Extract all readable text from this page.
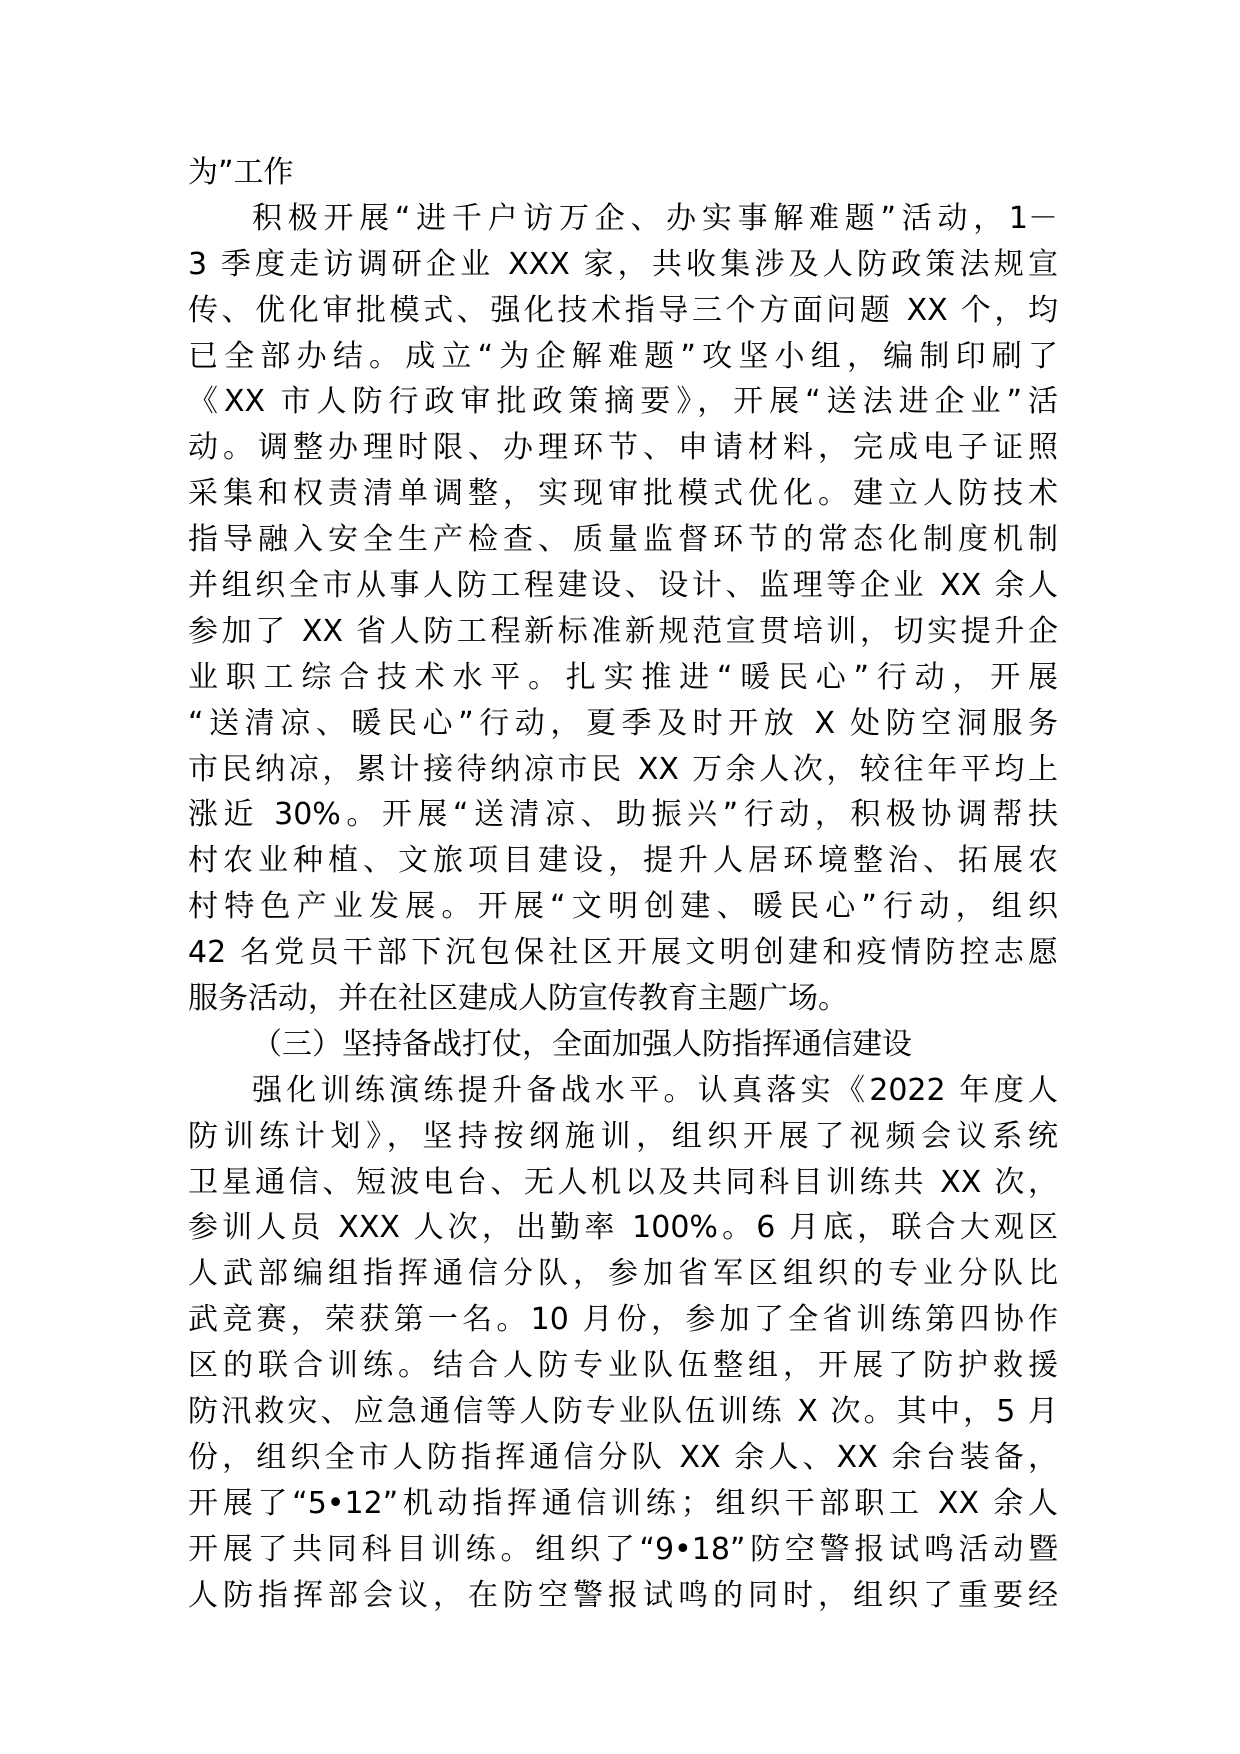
为”工作
积极开展“进千户访万企、办实事解难题”活动，1－
3 季度走访调研企业 XXX 家，共收集涉及人防政策法规宣
传、优化审批模式、强化技术指导三个方面问题 XX 个，均
已全部办结。成立“为企解难题”攻坚小组，编制印刷了
《XX 市人防行政审批政策摘要》，开展“送法进企业”活
动。调整办理时限、办理环节、申请材料，完成电子证照
采集和权责清单调整，实现审批模式优化。建立人防技术
指导融入安全生产检查、质量监督环节的常态化制度机制
并组织全市从事人防工程建设、设计、监理等企业 XX 余人
参加了 XX 省人防工程新标准新规范宣贯培训，切实提升企
业职工综合技术水平。扎实推进“暖民心”行动，开展
“送清凉、暖民心”行动，夏季及时开放 X 处防空洞服务
市民纳凉，累计接待纳凉市民 XX 万余人次，较往年平均上
涨近 30%。开展“送清凉、助振兴”行动，积极协调帮扶
村农业种植、文旅项目建设，提升人居环境整治、拓展农
村特色产业发展。开展“文明创建、暖民心”行动，组织
42 名党员干部下沉包保社区开展文明创建和疫情防控志愿
服务活动，并在社区建成人防宣传教育主题广场。
（三）坚持备战打仗，全面加强人防指挥通信建设
强化训练演练提升备战水平。认真落实《2022 年度人
防训练计划》，坚持按纲施训，组织开展了视频会议系统
卫星通信、短波电台、无人机以及共同科目训练共 XX 次，
参训人员 XXX 人次，出勤率 100%。6 月底，联合大观区
人武部编组指挥通信分队，参加省军区组织的专业分队比
武竞赛，荣获第一名。10 月份，参加了全省训练第四协作
区的联合训练。结合人防专业队伍整组，开展了防护救援
防汛救灾、应急通信等人防专业队伍训练 X 次。其中，5 月
份，组织全市人防指挥通信分队 XX 余人、XX 余台装备，
开展了“5•12”机动指挥通信训练；组织干部职工 XX 余人
开展了共同科目训练。组织了“9•18”防空警报试鸣活动暨
人防指挥部会议，在防空警报试鸣的同时，组织了重要经
